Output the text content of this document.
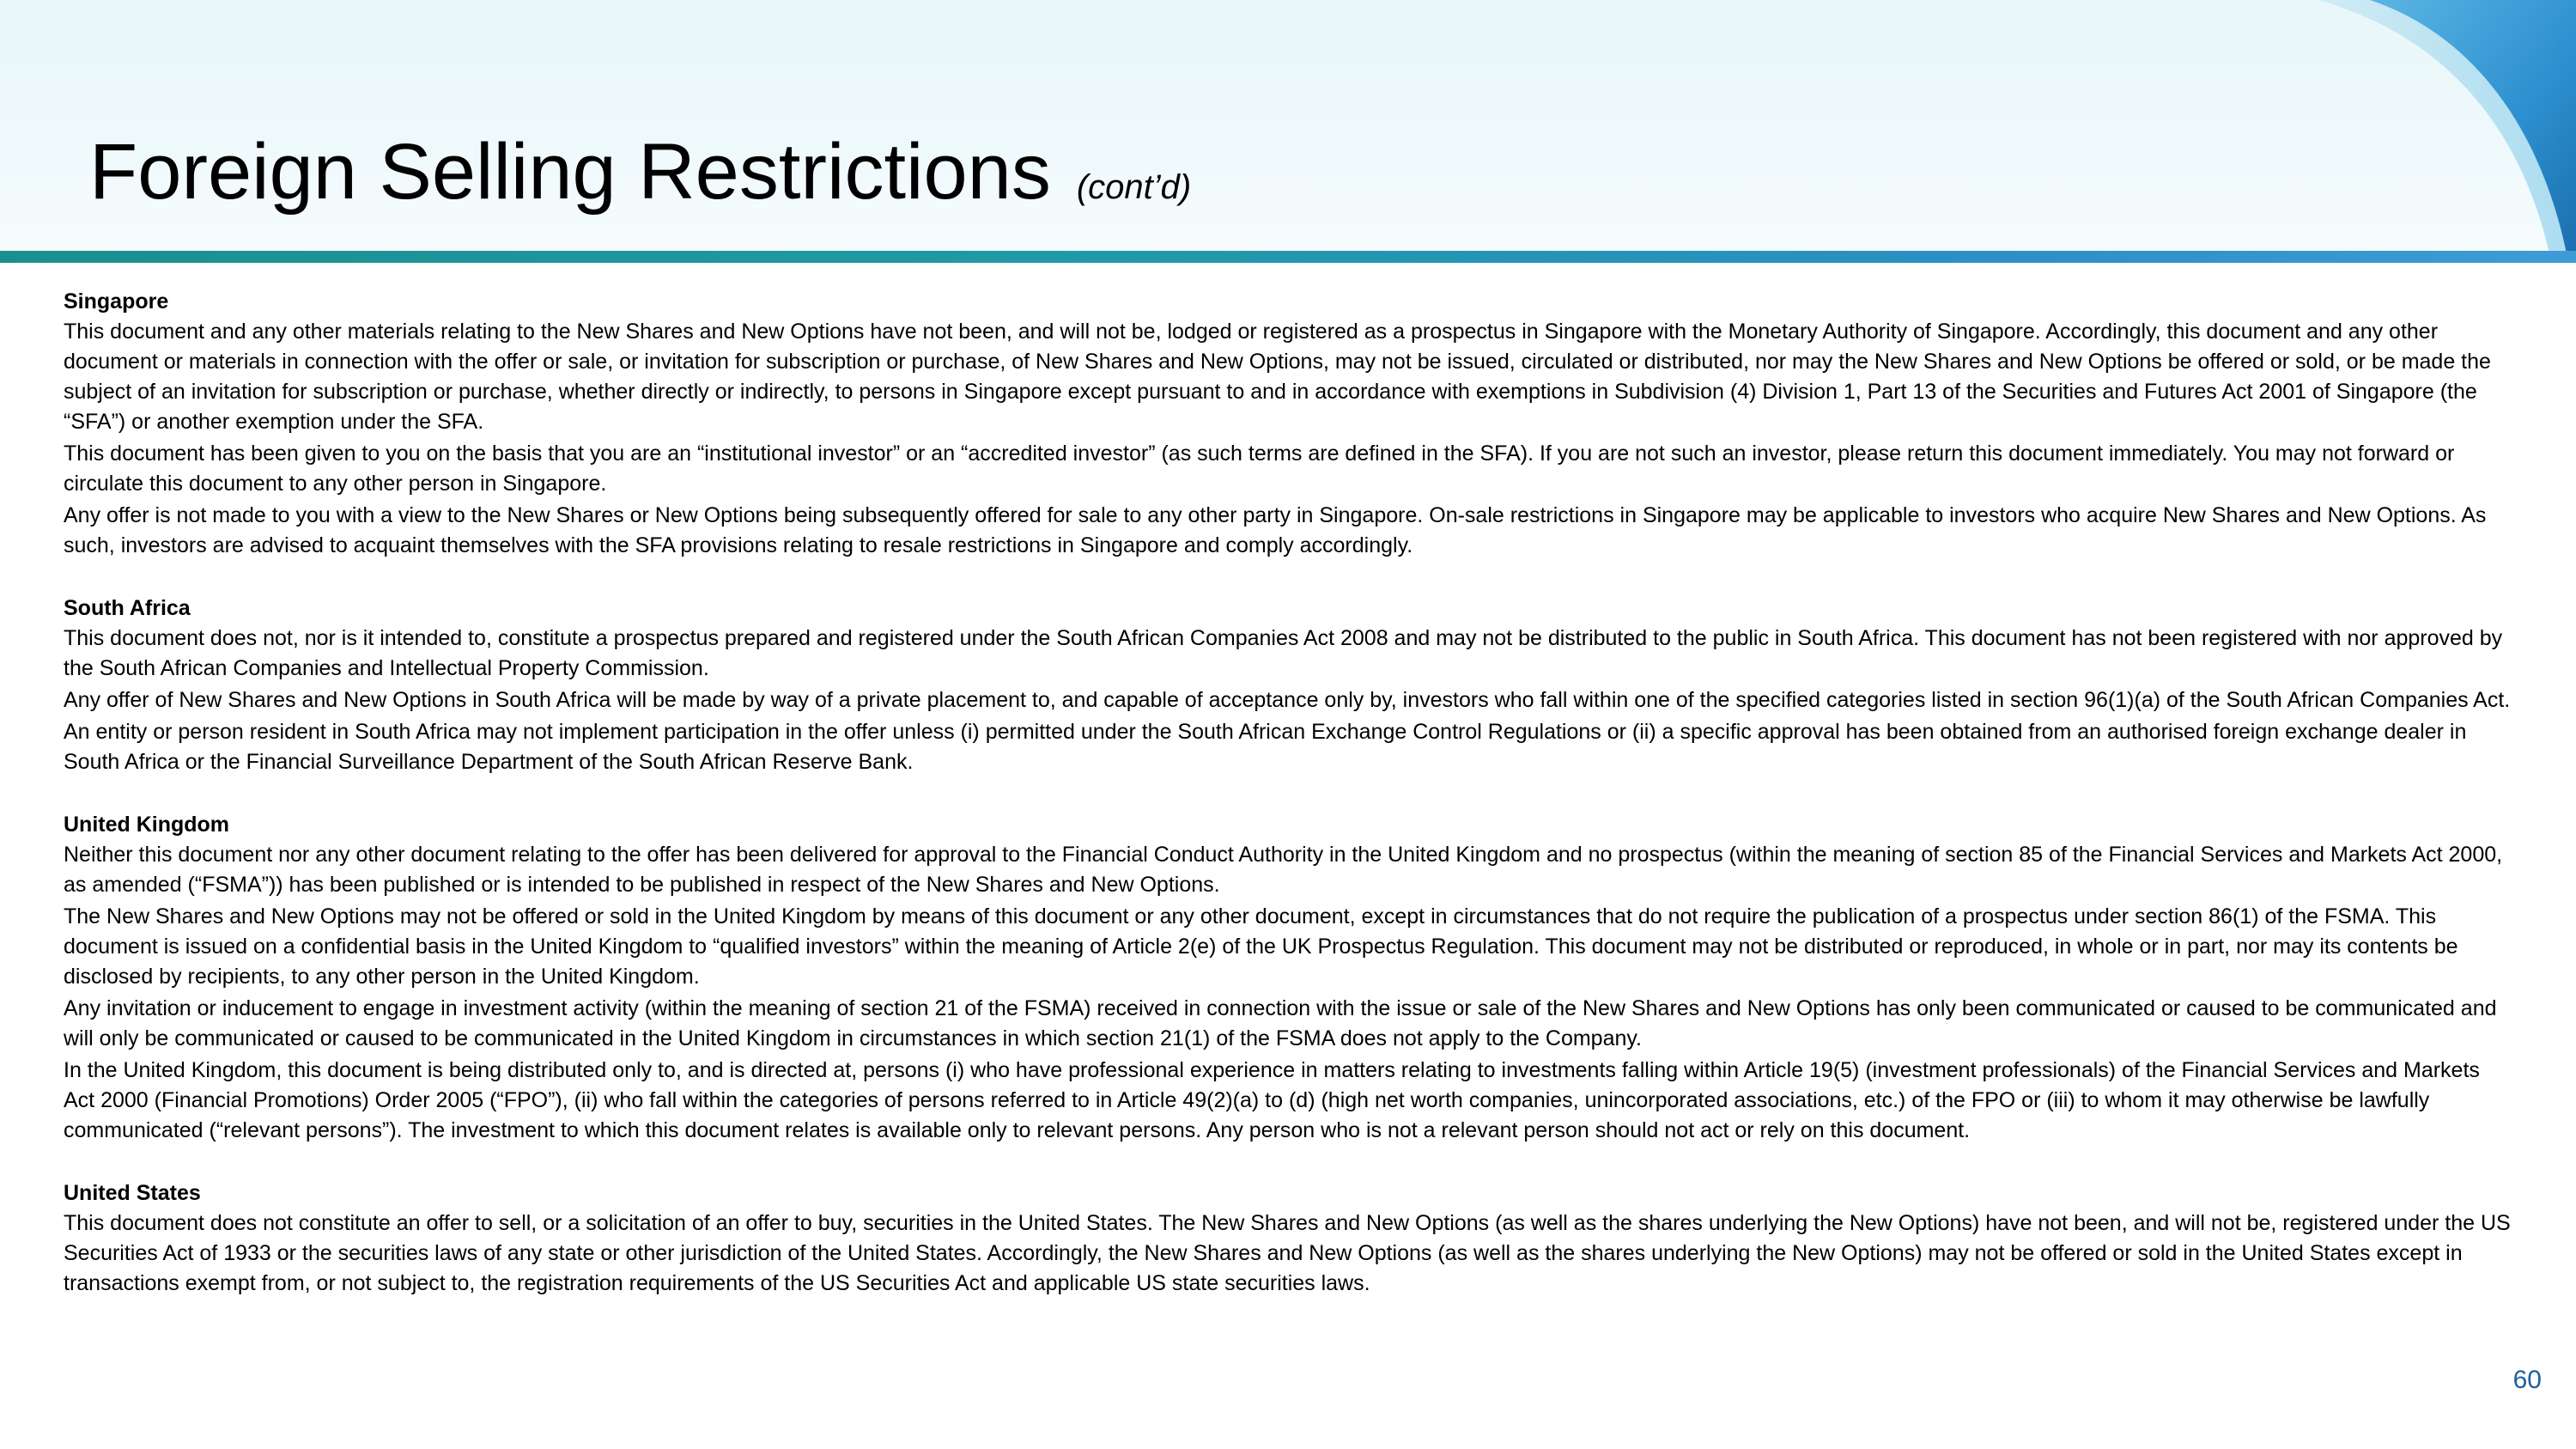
Foreign Selling Restrictions (cont’d)

Singapore

This document and any other materials relating to the New Shares and New Options have not been, and will not be, lodged or registered as a prospectus in Singapore with the Monetary Authority of Singapore. Accordingly, this document and any other document or materials in connection with the offer or sale, or invitation for subscription or purchase, of New Shares and New Options, may not be issued, circulated or distributed, nor may the New Shares and New Options be offered or sold, or be made the subject of an invitation for subscription or purchase, whether directly or indirectly, to persons in Singapore except pursuant to and in accordance with exemptions in Subdivision (4) Division 1, Part 13 of the Securities and Futures Act 2001 of Singapore (the “SFA”) or another exemption under the SFA.

This document has been given to you on the basis that you are an “institutional investor” or an “accredited investor” (as such terms are defined in the SFA). If you are not such an investor, please return this document immediately. You may not forward or circulate this document to any other person in Singapore.

Any offer is not made to you with a view to the New Shares or New Options being subsequently offered for sale to any other party in Singapore. On-sale restrictions in Singapore may be applicable to investors who acquire New Shares and New Options. As such, investors are advised to acquaint themselves with the SFA provisions relating to resale restrictions in Singapore and comply accordingly.

South Africa

This document does not, nor is it intended to, constitute a prospectus prepared and registered under the South African Companies Act 2008 and may not be distributed to the public in South Africa. This document has not been registered with nor approved by the South African Companies and Intellectual Property Commission.

Any offer of New Shares and New Options in South Africa will be made by way of a private placement to, and capable of acceptance only by, investors who fall within one of the specified categories listed in section 96(1)(a) of the South African Companies Act.

An entity or person resident in South Africa may not implement participation in the offer unless (i) permitted under the South African Exchange Control Regulations or (ii) a specific approval has been obtained from an authorised foreign exchange dealer in South Africa or the Financial Surveillance Department of the South African Reserve Bank.

United Kingdom

Neither this document nor any other document relating to the offer has been delivered for approval to the Financial Conduct Authority in the United Kingdom and no prospectus (within the meaning of section 85 of the Financial Services and Markets Act 2000, as amended (“FSMA”)) has been published or is intended to be published in respect of the New Shares and New Options.

The New Shares and New Options may not be offered or sold in the United Kingdom by means of this document or any other document, except in circumstances that do not require the publication of a prospectus under section 86(1) of the FSMA. This document is issued on a confidential basis in the United Kingdom to “qualified investors” within the meaning of Article 2(e) of the UK Prospectus Regulation. This document may not be distributed or reproduced, in whole or in part, nor may its contents be disclosed by recipients, to any other person in the United Kingdom.

Any invitation or inducement to engage in investment activity (within the meaning of section 21 of the FSMA) received in connection with the issue or sale of the New Shares and New Options has only been communicated or caused to be communicated and will only be communicated or caused to be communicated in the United Kingdom in circumstances in which section 21(1) of the FSMA does not apply to the Company.

In the United Kingdom, this document is being distributed only to, and is directed at, persons (i) who have professional experience in matters relating to investments falling within Article 19(5) (investment professionals) of the Financial Services and Markets Act 2000 (Financial Promotions) Order 2005 (“FPO”), (ii) who fall within the categories of persons referred to in Article 49(2)(a) to (d) (high net worth companies, unincorporated associations, etc.) of the FPO or (iii) to whom it may otherwise be lawfully communicated (“relevant persons”). The investment to which this document relates is available only to relevant persons. Any person who is not a relevant person should not act or rely on this document.

United States

This document does not constitute an offer to sell, or a solicitation of an offer to buy, securities in the United States. The New Shares and New Options (as well as the shares underlying the New Options) have not been, and will not be, registered under the US Securities Act of 1933 or the securities laws of any state or other jurisdiction of the United States. Accordingly, the New Shares and New Options (as well as the shares underlying the New Options) may not be offered or sold in the United States except in transactions exempt from, or not subject to, the registration requirements of the US Securities Act and applicable US state securities laws.

60
